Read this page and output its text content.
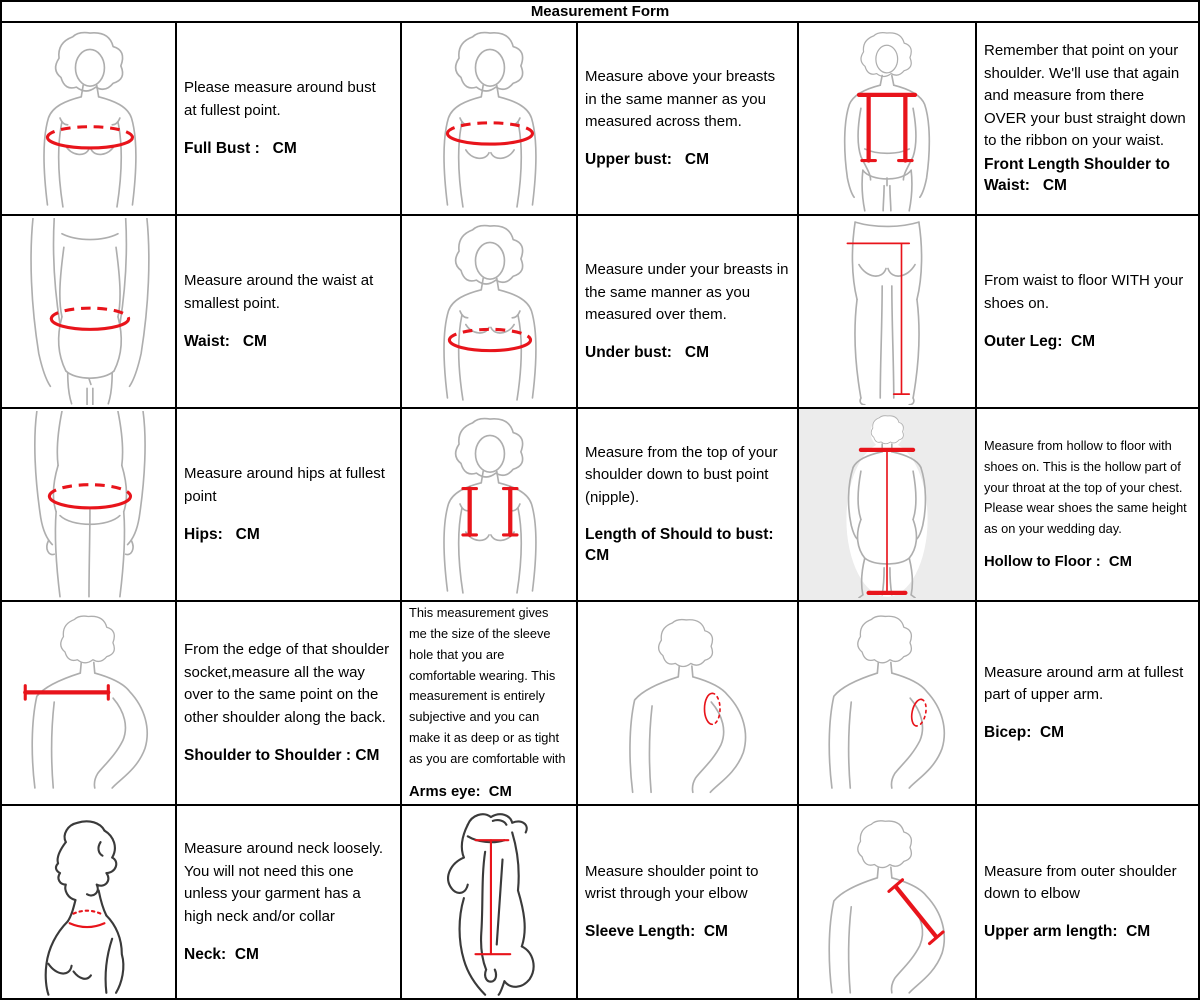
Measurement Form

Please measure around bust at fullest point.

Full Bust :   CM

Measure above your breasts in the same manner as you measured across them.

Upper bust:   CM

Remember that point on your shoulder. We'll use that again and measure from there OVER your bust straight down to the ribbon on your waist.

Front Length Shoulder to Waist:   CM

Measure around the waist at smallest point.

Waist:   CM

Measure under your breasts in the same manner as you measured over them.

Under bust:   CM

From waist to floor WITH your shoes on.

Outer Leg:  CM

Measure around hips at fullest point

Hips:   CM

Measure from the top of your shoulder down to bust point (nipple).

Length of Should to bust:  CM

Measure from hollow to floor with shoes on. This is the hollow part of your throat at the top of your chest. Please wear shoes the same height as on your wedding day.

Hollow to Floor :  CM

From the edge of that shoulder socket,measure all the way over to the same point on the other shoulder along the back.

Shoulder to Shoulder : CM

This measurement gives me the size of the sleeve hole that you are comfortable wearing. This measurement is entirely subjective and you can make it as deep or as tight as you are comfortable with

Arms eye:  CM

Measure around arm at fullest part of upper arm.

Bicep:  CM

Measure around neck loosely. You will not need this one unless your garment has a high neck and/or collar

Neck:  CM

Measure shoulder point to wrist through your elbow

Sleeve Length:  CM

Measure from outer shoulder down to elbow

Upper arm length:  CM
